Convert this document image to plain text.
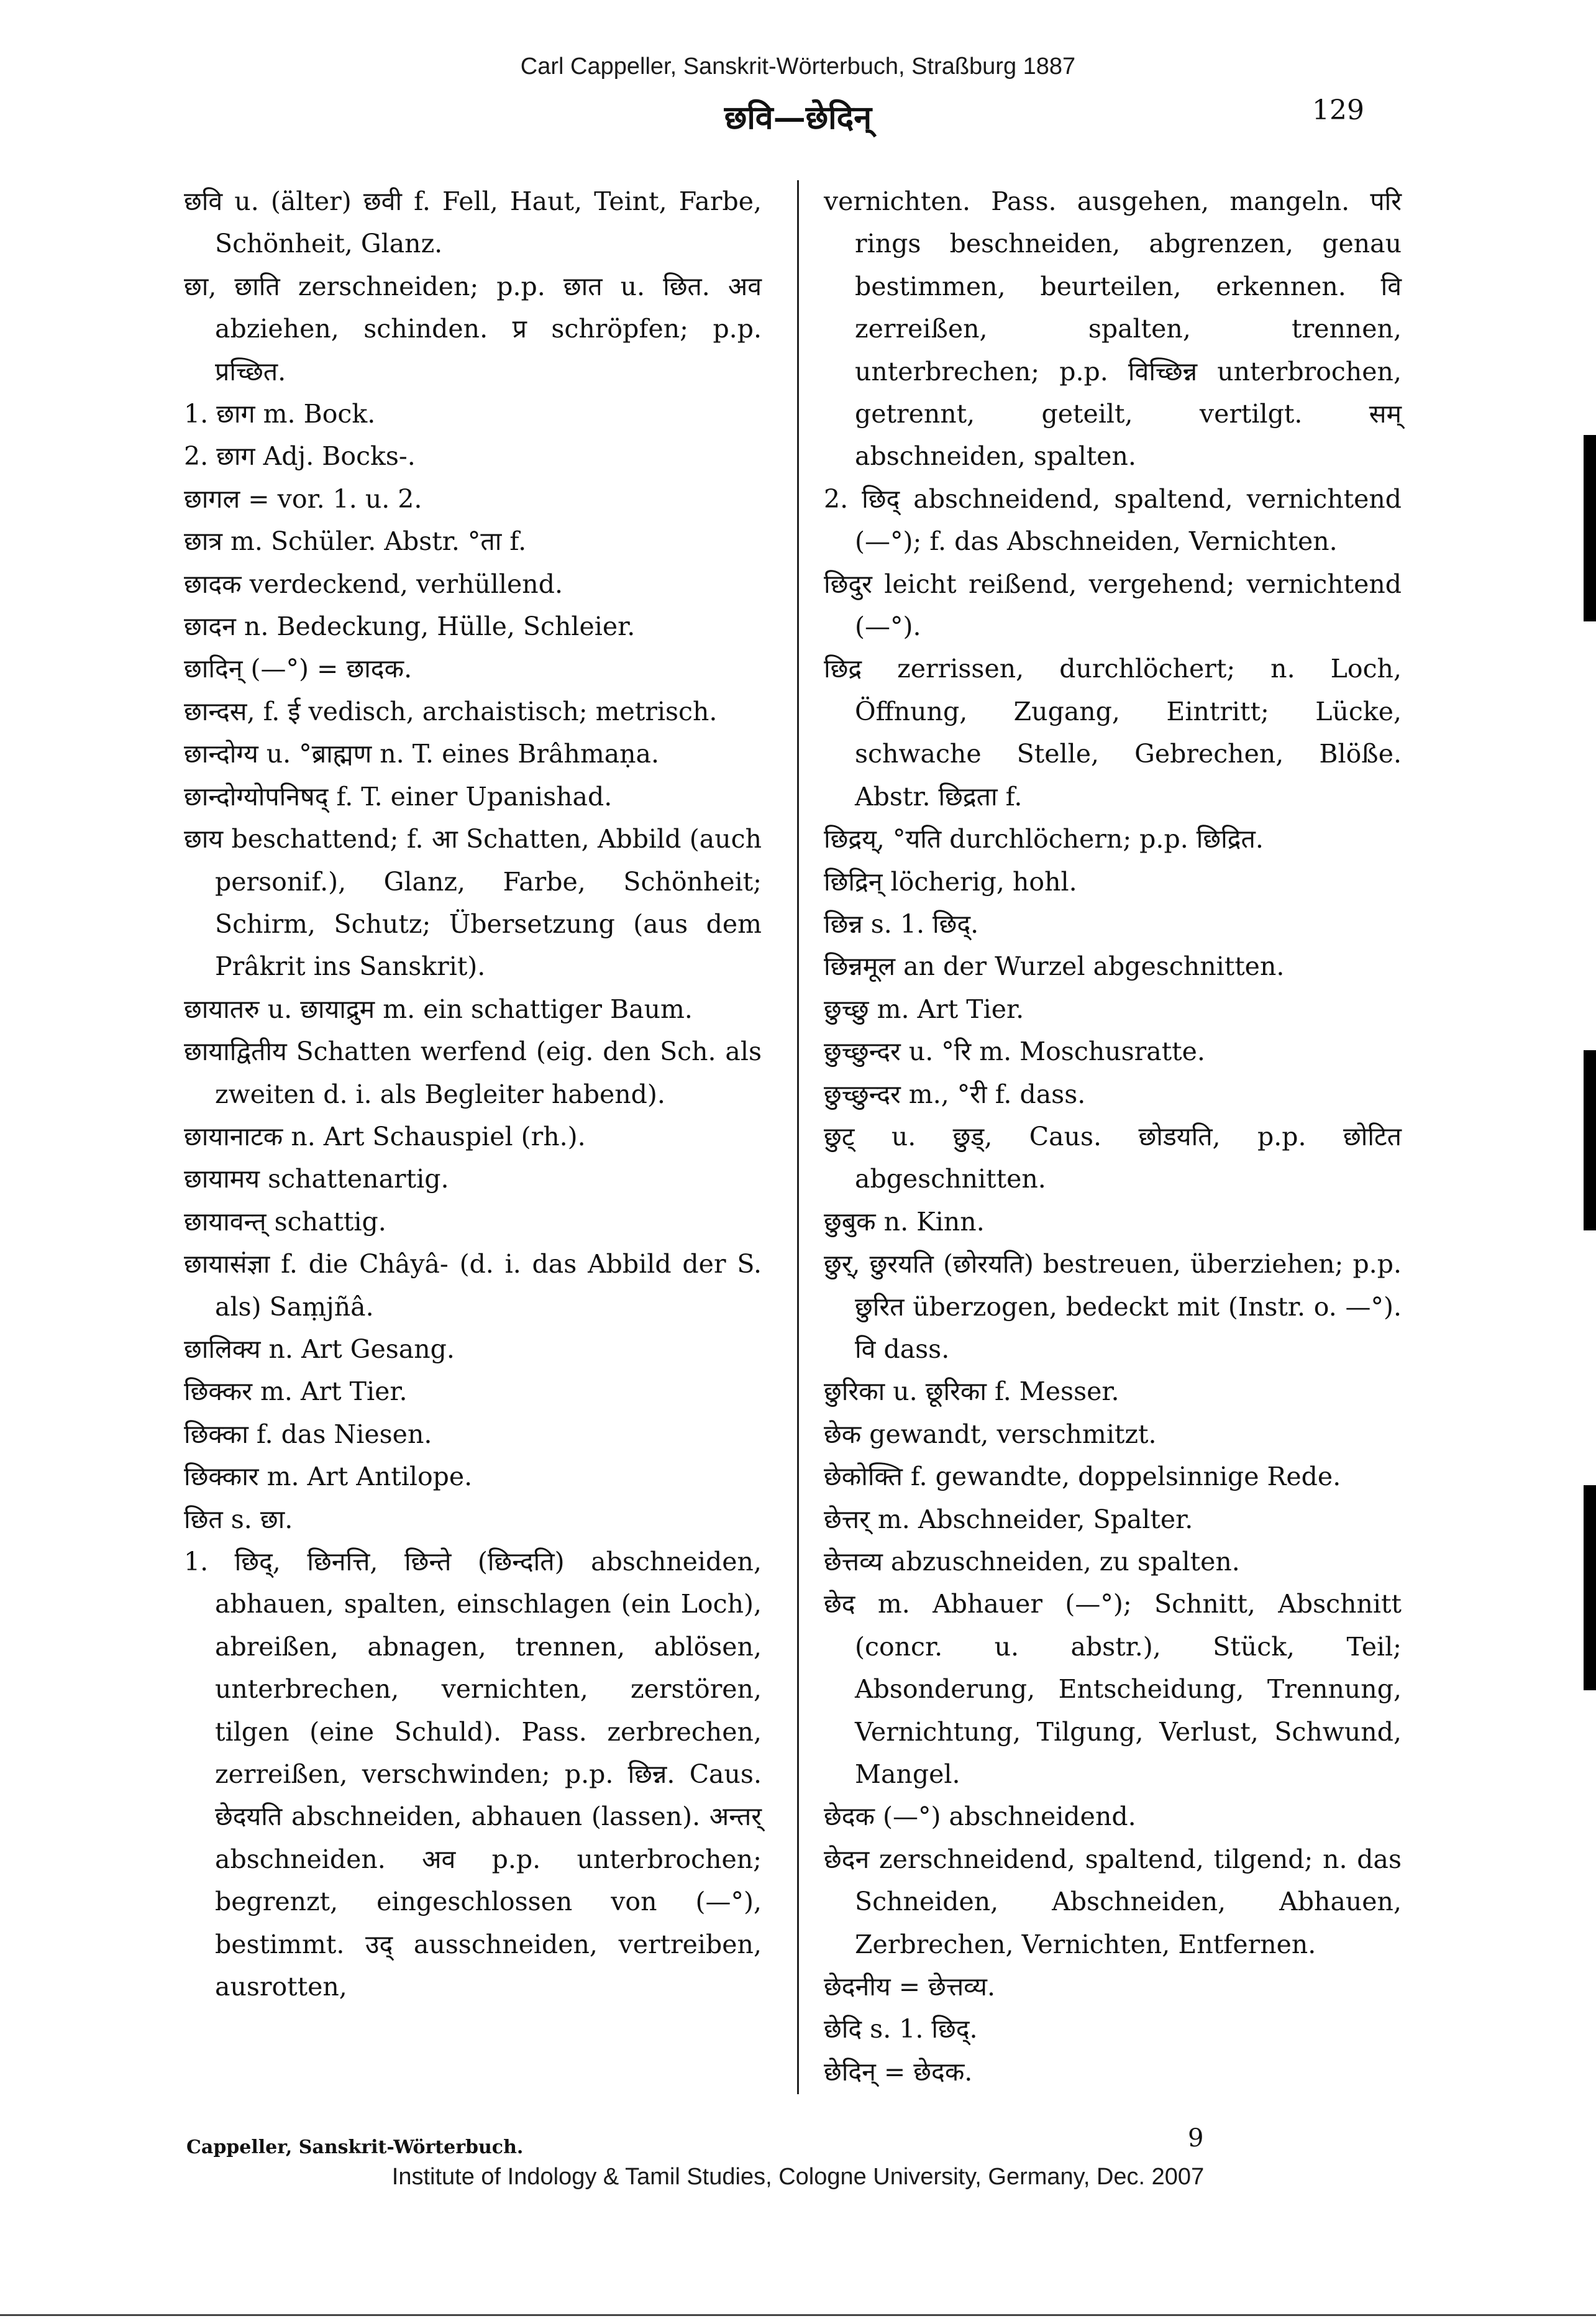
Carl Cappeller, Sanskrit-Wörterbuch, Straßburg 1887
छवि—छेदिन्	129
छवि u. (älter) छवी f. Fell, Haut, Teint, Farbe, Schönheit, Glanz.
छा, छाति zerschneiden; p.p. छात u. छित. अव abziehen, schinden. प्र schröpfen; p.p. प्रच्छित.
1. छाग m. Bock.
2. छाग Adj. Bocks-.
छागल = vor. 1. u. 2.
छात्र m. Schüler. Abstr. °ता f.
छादक verdeckend, verhüllend.
छादन n. Bedeckung, Hülle, Schleier.
छादिन् (—°) = छादक.
छान्दस, f. ई vedisch, archaistisch; metrisch.
छान्दोग्य u. °ब्राह्मण n. T. eines Brâhmaṇa.
छान्दोग्योपनिषद् f. T. einer Upanishad.
छाय beschattend; f. आ Schatten, Abbild (auch personif.), Glanz, Farbe, Schönheit; Schirm, Schutz; Übersetzung (aus dem Prâkrit ins Sanskrit).
छायातरु u. छायाद्रुम m. ein schattiger Baum.
छायाद्वितीय Schatten werfend (eig. den Sch. als zweiten d. i. als Begleiter habend).
छायानाटक n. Art Schauspiel (rh.).
छायामय schattenartig.
छायावन्त् schattig.
छायासंज्ञा f. die Châyâ- (d. i. das Abbild der S. als) Saṃjñâ.
छालिक्य n. Art Gesang.
छिक्कर m. Art Tier.
छिक्का f. das Niesen.
छिक्कार m. Art Antilope.
छित s. छा.
1. छिद्, छिनत्ति, छिन्ते (छिन्दति) abschneiden, abhauen, spalten, einschlagen (ein Loch), abreißen, abnagen, trennen, ablösen, unterbrechen, vernichten, zerstören, tilgen (eine Schuld). Pass. zerbrechen, zerreißen, verschwinden; p.p. छिन्न. Caus. छेदयति abschneiden, abhauen (lassen). अन्तर् abschneiden. अव p.p. unterbrochen; begrenzt, eingeschlossen von (—°), bestimmt. उद् ausschneiden, vertreiben, ausrotten,
vernichten. Pass. ausgehen, mangeln. परि rings beschneiden, abgrenzen, genau bestimmen, beurteilen, erkennen. वि zerreißen, spalten, trennen, unterbrechen; p.p. विच्छिन्न unterbrochen, getrennt, geteilt, vertilgt. सम् abschneiden, spalten.
2. छिद् abschneidend, spaltend, vernichtend (—°); f. das Abschneiden, Vernichten.
छिदुर leicht reißend, vergehend; vernichtend (—°).
छिद्र zerrissen, durchlöchert; n. Loch, Öffnung, Zugang, Eintritt; Lücke, schwache Stelle, Gebrechen, Blöße. Abstr. छिद्रता f.
छिद्रय्, °यति durchlöchern; p.p. छिद्रित.
छिद्रिन् löcherig, hohl.
छिन्न s. 1. छिद्.
छिन्नमूल an der Wurzel abgeschnitten.
छुच्छु m. Art Tier.
छुच्छुन्दर u. °रि m. Moschusratte.
छुच्छुन्दर m., °री f. dass.
छुट् u. छुड्, Caus. छोडयति, p.p. छोटित abgeschnitten.
छुबुक n. Kinn.
छुर्, छुरयति (छोरयति) bestreuen, überziehen; p.p. छुरित überzogen, bedeckt mit (Instr. o. —°). वि dass.
छुरिका u. छूरिका f. Messer.
छेक gewandt, verschmitzt.
छेकोक्ति f. gewandte, doppelsinnige Rede.
छेत्तर् m. Abschneider, Spalter.
छेत्तव्य abzuschneiden, zu spalten.
छेद m. Abhauer (—°); Schnitt, Abschnitt (concr. u. abstr.), Stück, Teil; Absonderung, Entscheidung, Trennung, Vernichtung, Tilgung, Verlust, Schwund, Mangel.
छेदक (—°) abschneidend.
छेदन zerschneidend, spaltend, tilgend; n. das Schneiden, Abschneiden, Abhauen, Zerbrechen, Vernichten, Entfernen.
छेदनीय = छेत्तव्य.
छेदि s. 1. छिद्.
छेदिन् = छेदक.
Cappeller, Sanskrit-Wörterbuch.	9
Institute of Indology & Tamil Studies, Cologne University, Germany, Dec. 2007
